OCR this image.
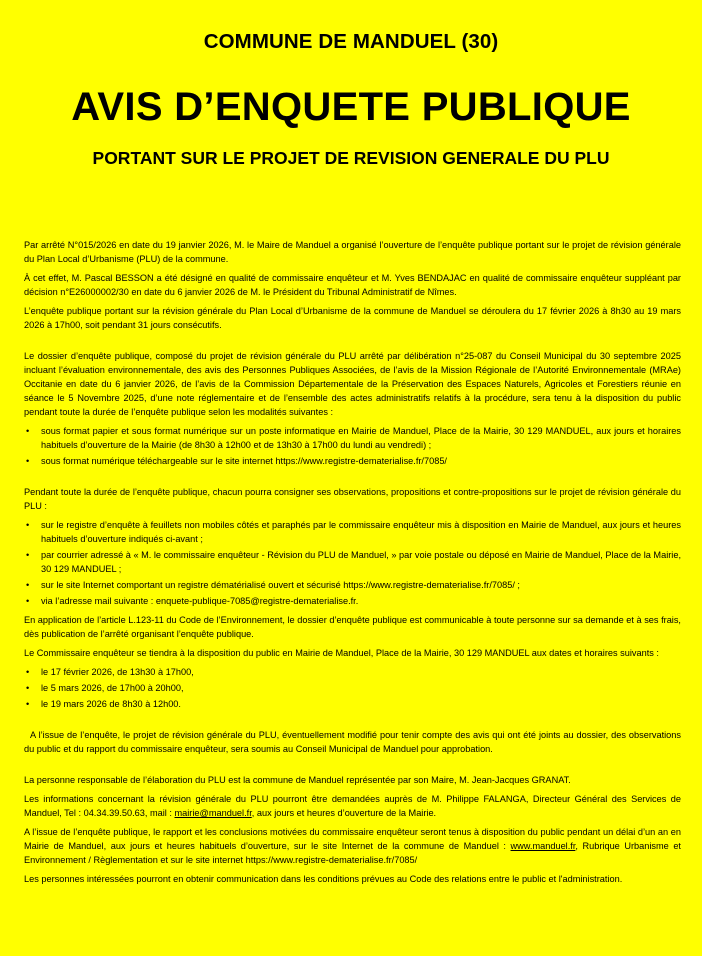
COMMUNE DE MANDUEL (30)
AVIS D’ENQUETE PUBLIQUE
PORTANT SUR LE PROJET DE REVISION GENERALE DU PLU

Par arrêté N°015/2026 en date du 19 janvier 2026, M. le Maire de Manduel a organisé l’ouverture de l’enquête publique portant sur le projet de révision générale du Plan Local d’Urbanisme (PLU) de la commune.

À cet effet, M. Pascal BESSON a été désigné en qualité de commissaire enquêteur et M. Yves BENDAJAC en qualité de commissaire enquêteur suppléant par décision n°E26000002/30 en date du 6 janvier 2026 de M. le Président du Tribunal Administratif de Nîmes.

L’enquête publique portant sur la révision générale du Plan Local d’Urbanisme de la commune de Manduel se déroulera du 17 février 2026 à 8h30 au 19 mars 2026 à 17h00, soit pendant 31 jours consécutifs.

Le dossier d’enquête publique, composé du projet de révision générale du PLU arrêté par délibération n°25-087 du Conseil Municipal du 30 septembre 2025 incluant l’évaluation environnementale, des avis des Personnes Publiques Associées, de l’avis de la Mission Régionale de l’Autorité Environnementale (MRAe) Occitanie en date du 6 janvier 2026, de l’avis de la Commission Départementale de la Préservation des Espaces Naturels, Agricoles et Forestiers réunie en séance le 5 Novembre 2025, d’une note réglementaire et de l’ensemble des actes administratifs relatifs à la procédure, sera tenu à la disposition du public pendant toute la durée de l’enquête publique selon les modalités suivantes :

• sous format papier et sous format numérique sur un poste informatique en Mairie de Manduel, Place de la Mairie, 30 129 MANDUEL, aux jours et horaires habituels d’ouverture de la Mairie (de 8h30 à 12h00 et de 13h30 à 17h00 du lundi au vendredi) ;
• sous format numérique téléchargeable sur le site internet https://www.registre-dematerialise.fr/7085/

Pendant toute la durée de l’enquête publique, chacun pourra consigner ses observations, propositions et contre-propositions sur le projet de révision générale du PLU :

• sur le registre d’enquête à feuillets non mobiles côtés et paraphés par le commissaire enquêteur mis à disposition en Mairie de Manduel, aux jours et heures habituels d’ouverture indiqués ci-avant ;
• par courrier adressé à « M. le commissaire enquêteur - Révision du PLU de Manduel, » par voie postale ou déposé en Mairie de Manduel, Place de la Mairie, 30 129 MANDUEL ;
• sur le site Internet comportant un registre dématérialisé ouvert et sécurisé https://www.registre-dematerialise.fr/7085/ ;
• via l’adresse mail suivante : enquete-publique-7085@registre-dematerialise.fr.

En application de l’article L.123-11 du Code de l’Environnement, le dossier d’enquête publique est communicable à toute personne sur sa demande et à ses frais, dès publication de l’arrêté organisant l’enquête publique.

Le Commissaire enquêteur se tiendra à la disposition du public en Mairie de Manduel, Place de la Mairie, 30 129 MANDUEL aux dates et horaires suivants :

• le 17 février 2026, de 13h30 à 17h00,
• le 5 mars 2026, de 17h00 à 20h00,
• le 19 mars 2026 de 8h30 à 12h00.

A l’issue de l’enquête, le projet de révision générale du PLU, éventuellement modifié pour tenir compte des avis qui ont été joints au dossier, des observations du public et du rapport du commissaire enquêteur, sera soumis au Conseil Municipal de Manduel pour approbation.

La personne responsable de l’élaboration du PLU est la commune de Manduel représentée par son Maire, M. Jean-Jacques GRANAT.

Les informations concernant la révision générale du PLU pourront être demandées auprès de M. Philippe FALANGA, Directeur Général des Services de Manduel, Tel : 04.34.39.50.63, mail : mairie@manduel.fr, aux jours et heures d’ouverture de la Mairie.

A l’issue de l’enquête publique, le rapport et les conclusions motivées du commissaire enquêteur seront tenus à disposition du public pendant un délai d’un an en Mairie de Manduel, aux jours et heures habituels d’ouverture, sur le site Internet de la commune de Manduel : www.manduel.fr, Rubrique Urbanisme et Environnement / Règlementation et sur le site internet https://www.registre-dematerialise.fr/7085/

Les personnes intéressées pourront en obtenir communication dans les conditions prévues au Code des relations entre le public et l'administration.
